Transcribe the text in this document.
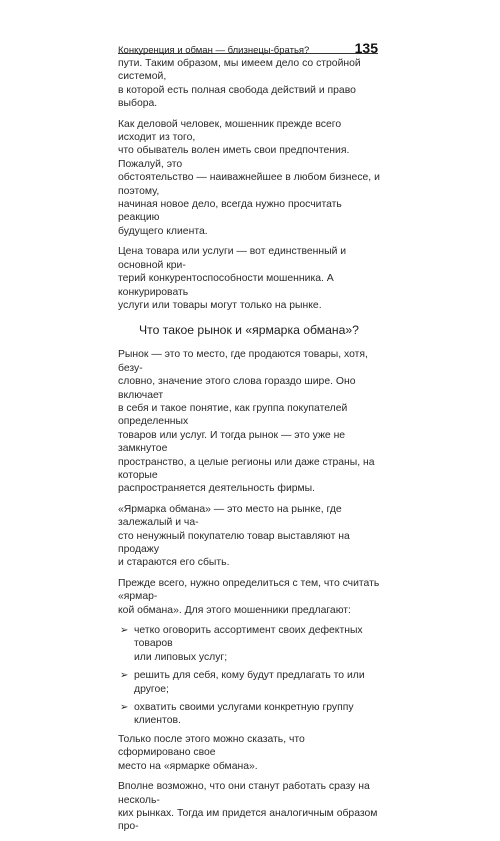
Конкуренция и обман — близнецы-братья?	135

пути. Таким образом, мы имеем дело со стройной системой,
в которой есть полная свобода действий и право выбора.

Как деловой человек, мошенник прежде всего исходит из того,
что обыватель волен иметь свои предпочтения. Пожалуй, это
обстоятельство — наиважнейшее в любом бизнесе, и поэтому,
начиная новое дело, всегда нужно просчитать реакцию
будущего клиента.

Цена товара или услуги — вот единственный и основной кри-
терий конкурентоспособности мошенника. А конкурировать
услуги или товары могут только на рынке.

Что такое рынок и «ярмарка обмана»?

Рынок — это то место, где продаются товары, хотя, безу-
словно, значение этого слова гораздо шире. Оно включает
в себя и такое понятие, как группа покупателей определенных
товаров или услуг. И тогда рынок — это уже не замкнутое
пространство, а целые регионы или даже страны, на которые
распространяется деятельность фирмы.

«Ярмарка обмана» — это место на рынке, где залежалый и ча-
сто ненужный покупателю товар выставляют на продажу
и стараются его сбыть.

Прежде всего, нужно определиться с тем, что считать «ярмар-
кой обмана». Для этого мошенники предлагают:

➢ четко оговорить ассортимент своих дефектных товаров
или липовых услуг;
➢ решить для себя, кому будут предлагать то или другое;
➢ охватить своими услугами конкретную группу клиентов.

Только после этого можно сказать, что сформировано свое
место на «ярмарке обмана».

Вполне возможно, что они станут работать сразу на несколь-
ких рынках. Тогда им придется аналогичным образом про-
